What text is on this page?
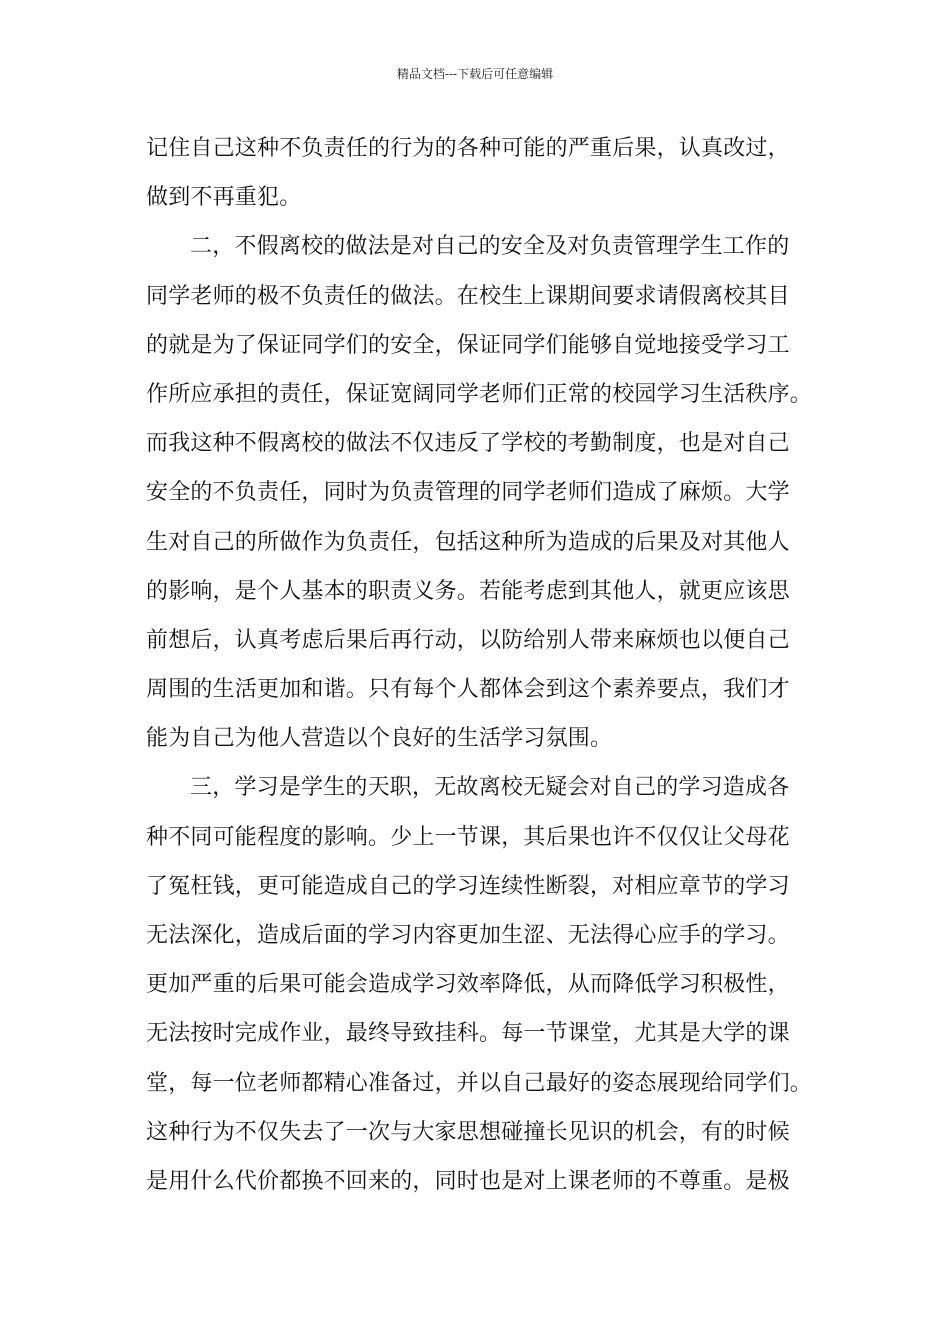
精品文档---下载后可任意编辑
记住自己这种不负责任的行为的各种可能的严重后果，认真改过，
做到不再重犯。
二，不假离校的做法是对自己的安全及对负责管理学生工作的
同学老师的极不负责任的做法。在校生上课期间要求请假离校其目
的就是为了保证同学们的安全，保证同学们能够自觉地接受学习工
作所应承担的责任，保证宽阔同学老师们正常的校园学习生活秩序。
而我这种不假离校的做法不仅违反了学校的考勤制度，也是对自己
安全的不负责任，同时为负责管理的同学老师们造成了麻烦。大学
生对自己的所做作为负责任，包括这种所为造成的后果及对其他人
的影响，是个人基本的职责义务。若能考虑到其他人，就更应该思
前想后，认真考虑后果后再行动，以防给别人带来麻烦也以便自己
周围的生活更加和谐。只有每个人都体会到这个素养要点，我们才
能为自己为他人营造以个良好的生活学习氛围。
三，学习是学生的天职，无故离校无疑会对自己的学习造成各
种不同可能程度的影响。少上一节课，其后果也许不仅仅让父母花
了冤枉钱，更可能造成自己的学习连续性断裂，对相应章节的学习
无法深化，造成后面的学习内容更加生涩、无法得心应手的学习。
更加严重的后果可能会造成学习效率降低，从而降低学习积极性，
无法按时完成作业，最终导致挂科。每一节课堂，尤其是大学的课
堂，每一位老师都精心准备过，并以自己最好的姿态展现给同学们。
这种行为不仅失去了一次与大家思想碰撞长见识的机会，有的时候
是用什么代价都换不回来的，同时也是对上课老师的不尊重。是极
